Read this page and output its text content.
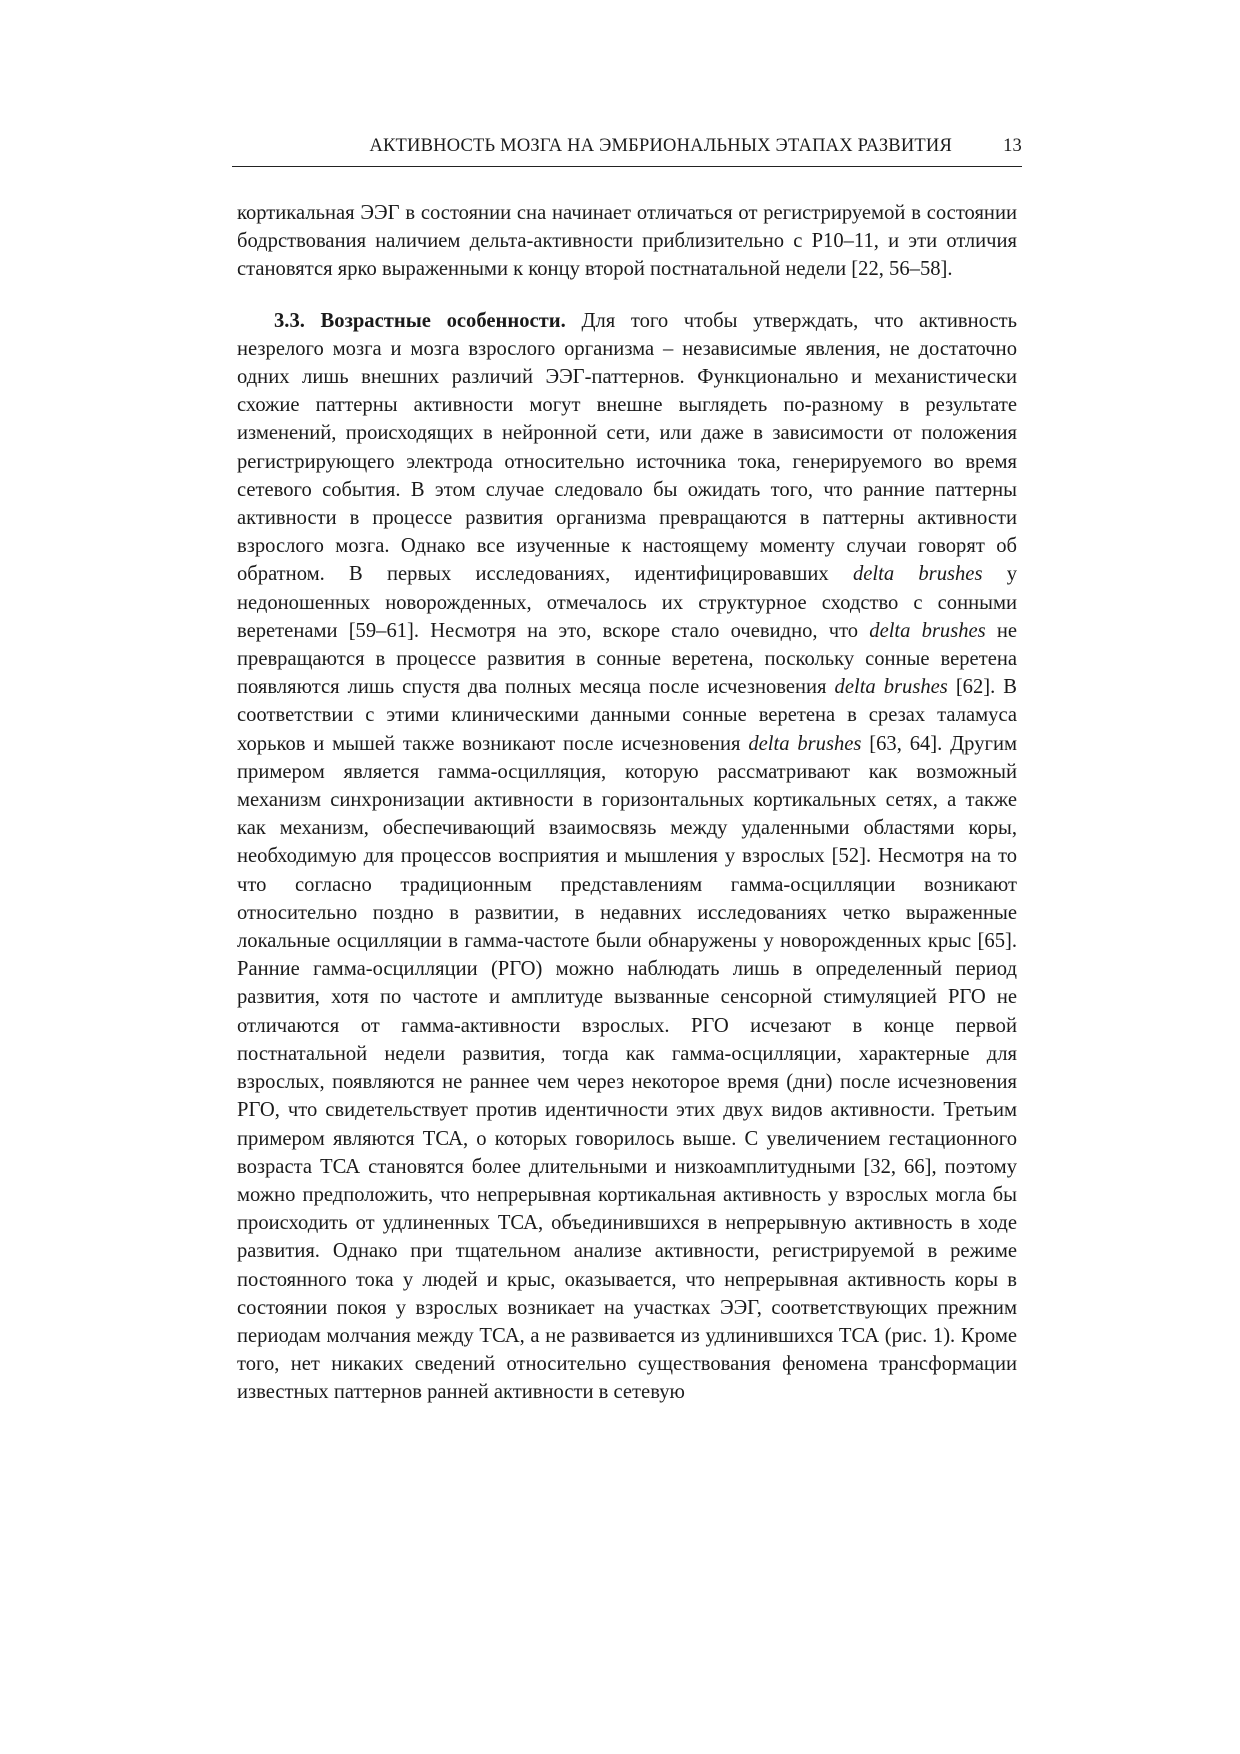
АКТИВНОСТЬ МОЗГА НА ЭМБРИОНАЛЬНЫХ ЭТАПАХ РАЗВИТИЯ	13

кортикальная ЭЭГ в состоянии сна начинает отличаться от регистрируемой в состоянии бодрствования наличием дельта-активности приблизительно с P10–11, и эти отличия становятся ярко выраженными к концу второй постнатальной недели [22, 56–58].

3.3. Возрастные особенности. Для того чтобы утверждать, что активность незрелого мозга и мозга взрослого организма – независимые явления, не достаточно одних лишь внешних различий ЭЭГ-паттернов. Функционально и механистически схожие паттерны активности могут внешне выглядеть по-разному в результате изменений, происходящих в нейронной сети, или даже в зависимости от положения регистрирующего электрода относительно источника тока, генерируемого во время сетевого события. В этом случае следовало бы ожидать того, что ранние паттерны активности в процессе развития организма превращаются в паттерны активности взрослого мозга. Однако все изученные к настоящему моменту случаи говорят об обратном. В первых исследованиях, идентифицировавших delta brushes у недоношенных новорожденных, отмечалось их структурное сходство с сонными веретенами [59–61]. Несмотря на это, вскоре стало очевидно, что delta brushes не превращаются в процессе развития в сонные веретена, поскольку сонные веретена появляются лишь спустя два полных месяца после исчезновения delta brushes [62]. В соответствии с этими клиническими данными сонные веретена в срезах таламуса хорьков и мышей также возникают после исчезновения delta brushes [63, 64]. Другим примером является гамма-осцилляция, которую рассматривают как возможный механизм синхронизации активности в горизонтальных кортикальных сетях, а также как механизм, обеспечивающий взаимосвязь между удаленными областями коры, необходимую для процессов восприятия и мышления у взрослых [52]. Несмотря на то что согласно традиционным представлениям гамма-осцилляции возникают относительно поздно в развитии, в недавних исследованиях четко выраженные локальные осцилляции в гамма-частоте были обнаружены у новорожденных крыс [65]. Ранние гамма-осцилляции (РГО) можно наблюдать лишь в определенный период развития, хотя по частоте и амплитуде вызванные сенсорной стимуляцией РГО не отличаются от гамма-активности взрослых. РГО исчезают в конце первой постнатальной недели развития, тогда как гамма-осцилляции, характерные для взрослых, появляются не раннее чем через некоторое время (дни) после исчезновения РГО, что свидетельствует против идентичности этих двух видов активности. Третьим примером являются ТСА, о которых говорилось выше. С увеличением гестационного возраста ТСА становятся более длительными и низкоамплитудными [32, 66], поэтому можно предположить, что непрерывная кортикальная активность у взрослых могла бы происходить от удлиненных ТСА, объединившихся в непрерывную активность в ходе развития. Однако при тщательном анализе активности, регистрируемой в режиме постоянного тока у людей и крыс, оказывается, что непрерывная активность коры в состоянии покоя у взрослых возникает на участках ЭЭГ, соответствующих прежним периодам молчания между ТСА, а не развивается из удлинившихся ТСА (рис. 1). Кроме того, нет никаких сведений относительно существования феномена трансформации известных паттернов ранней активности в сетевую
